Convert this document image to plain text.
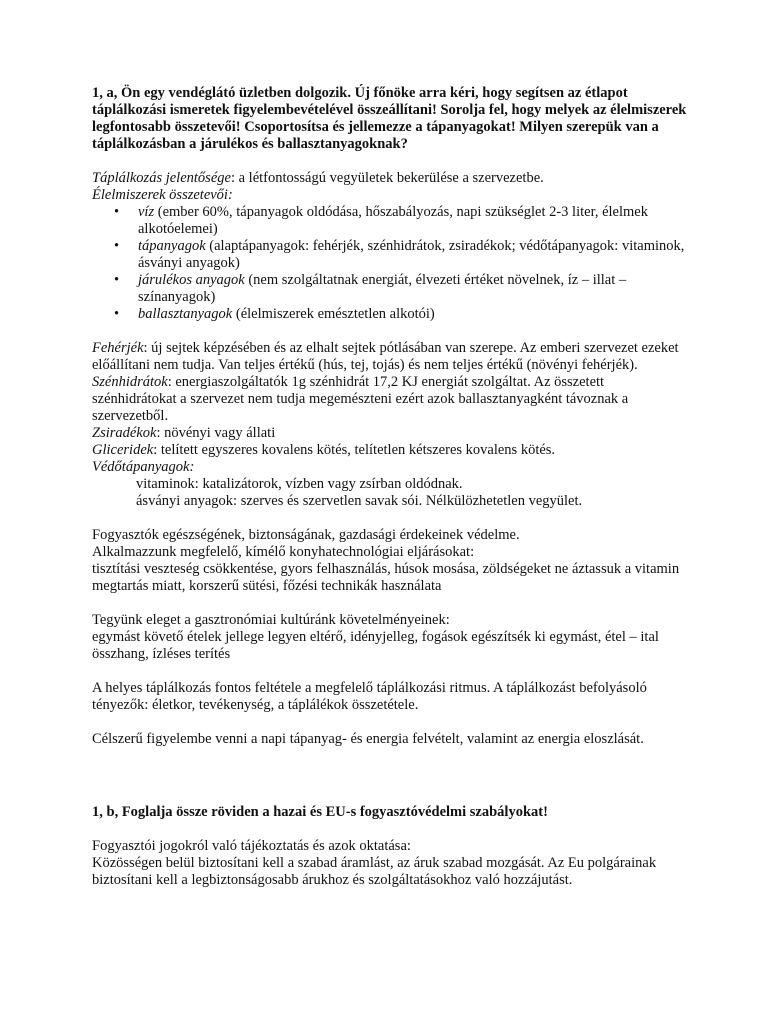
1, a, Ön egy vendéglátó üzletben dolgozik. Új főnöke arra kéri, hogy segítsen az étlapot táplálkozási ismeretek figyelembevételével összeállítani! Sorolja fel, hogy melyek az élelmiszerek legfontosabb összetevői! Csoportosítsa és jellemezze a tápanyagokat! Milyen szerepük van a táplálkozásban a járulékos és ballasztanyagoknak?

Táplálkozás jelentősége: a létfontosságú vegyületek bekerülése a szervezetbe.

Élelmiszerek összetevői:

• víz (ember 60%, tápanyagok oldódása, hőszabályozás, napi szükséglet 2-3 liter, élelmek alkotóelemei)
• tápanyagok (alaptápanyagok: fehérjék, szénhidrátok, zsiradékok; védőtápanyagok: vitaminok, ásványi anyagok)
• járulékos anyagok (nem szolgáltatnak energiát, élvezeti értéket növelnek, íz – illat – színanyagok)
• ballasztanyagok (élelmiszerek emésztetlen alkotói)

Fehérjék: új sejtek képzésében és az elhalt sejtek pótlásában van szerepe. Az emberi szervezet ezeket előállítani nem tudja. Van teljes értékű (hús, tej, tojás) és nem teljes értékű (növényi fehérjék).

Szénhidrátok: energiaszolgáltatók 1g szénhidrát 17,2 KJ energiát szolgáltat. Az összetett szénhidrátokat a szervezet nem tudja megemészteni ezért azok ballasztanyagként távoznak a szervezetből.

Zsiradékok: növényi vagy állati

Gliceridek: telített egyszeres kovalens kötés, telítetlen kétszeres kovalens kötés.

Védőtápanyagok:

vitaminok: katalizátorok, vízben vagy zsírban oldódnak.

ásványi anyagok: szerves és szervetlen savak sói. Nélkülözhetetlen vegyület.

Fogyasztók egészségének, biztonságának, gazdasági érdekeinek védelme.

Alkalmazzunk megfelelő, kímélő konyhatechnológiai eljárásokat:

tisztítási veszteség csökkentése, gyors felhasználás, húsok mosása, zöldségeket ne áztassuk a vitamin megtartás miatt, korszerű sütési, főzési technikák használata

Tegyünk eleget a gasztronómiai kultúránk követelményeinek:

egymást követő ételek jellege legyen eltérő, idényjelleg, fogások egészítsék ki egymást, étel – ital összhang, ízléses terítés

A helyes táplálkozás fontos feltétele a megfelelő táplálkozási ritmus. A táplálkozást befolyásoló tényezők: életkor, tevékenység, a táplálékok összetétele.

Célszerű figyelembe venni a napi tápanyag- és energia felvételt, valamint az energia eloszlását.

1, b, Foglalja össze röviden a hazai és EU-s fogyasztóvédelmi szabályokat!

Fogyasztói jogokról való tájékoztatás és azok oktatása:

Közösségen belül biztosítani kell a szabad áramlást, az áruk szabad mozgását. Az Eu polgárainak biztosítani kell a legbiztonságosabb árukhoz és szolgáltatásokhoz való hozzájutást.
